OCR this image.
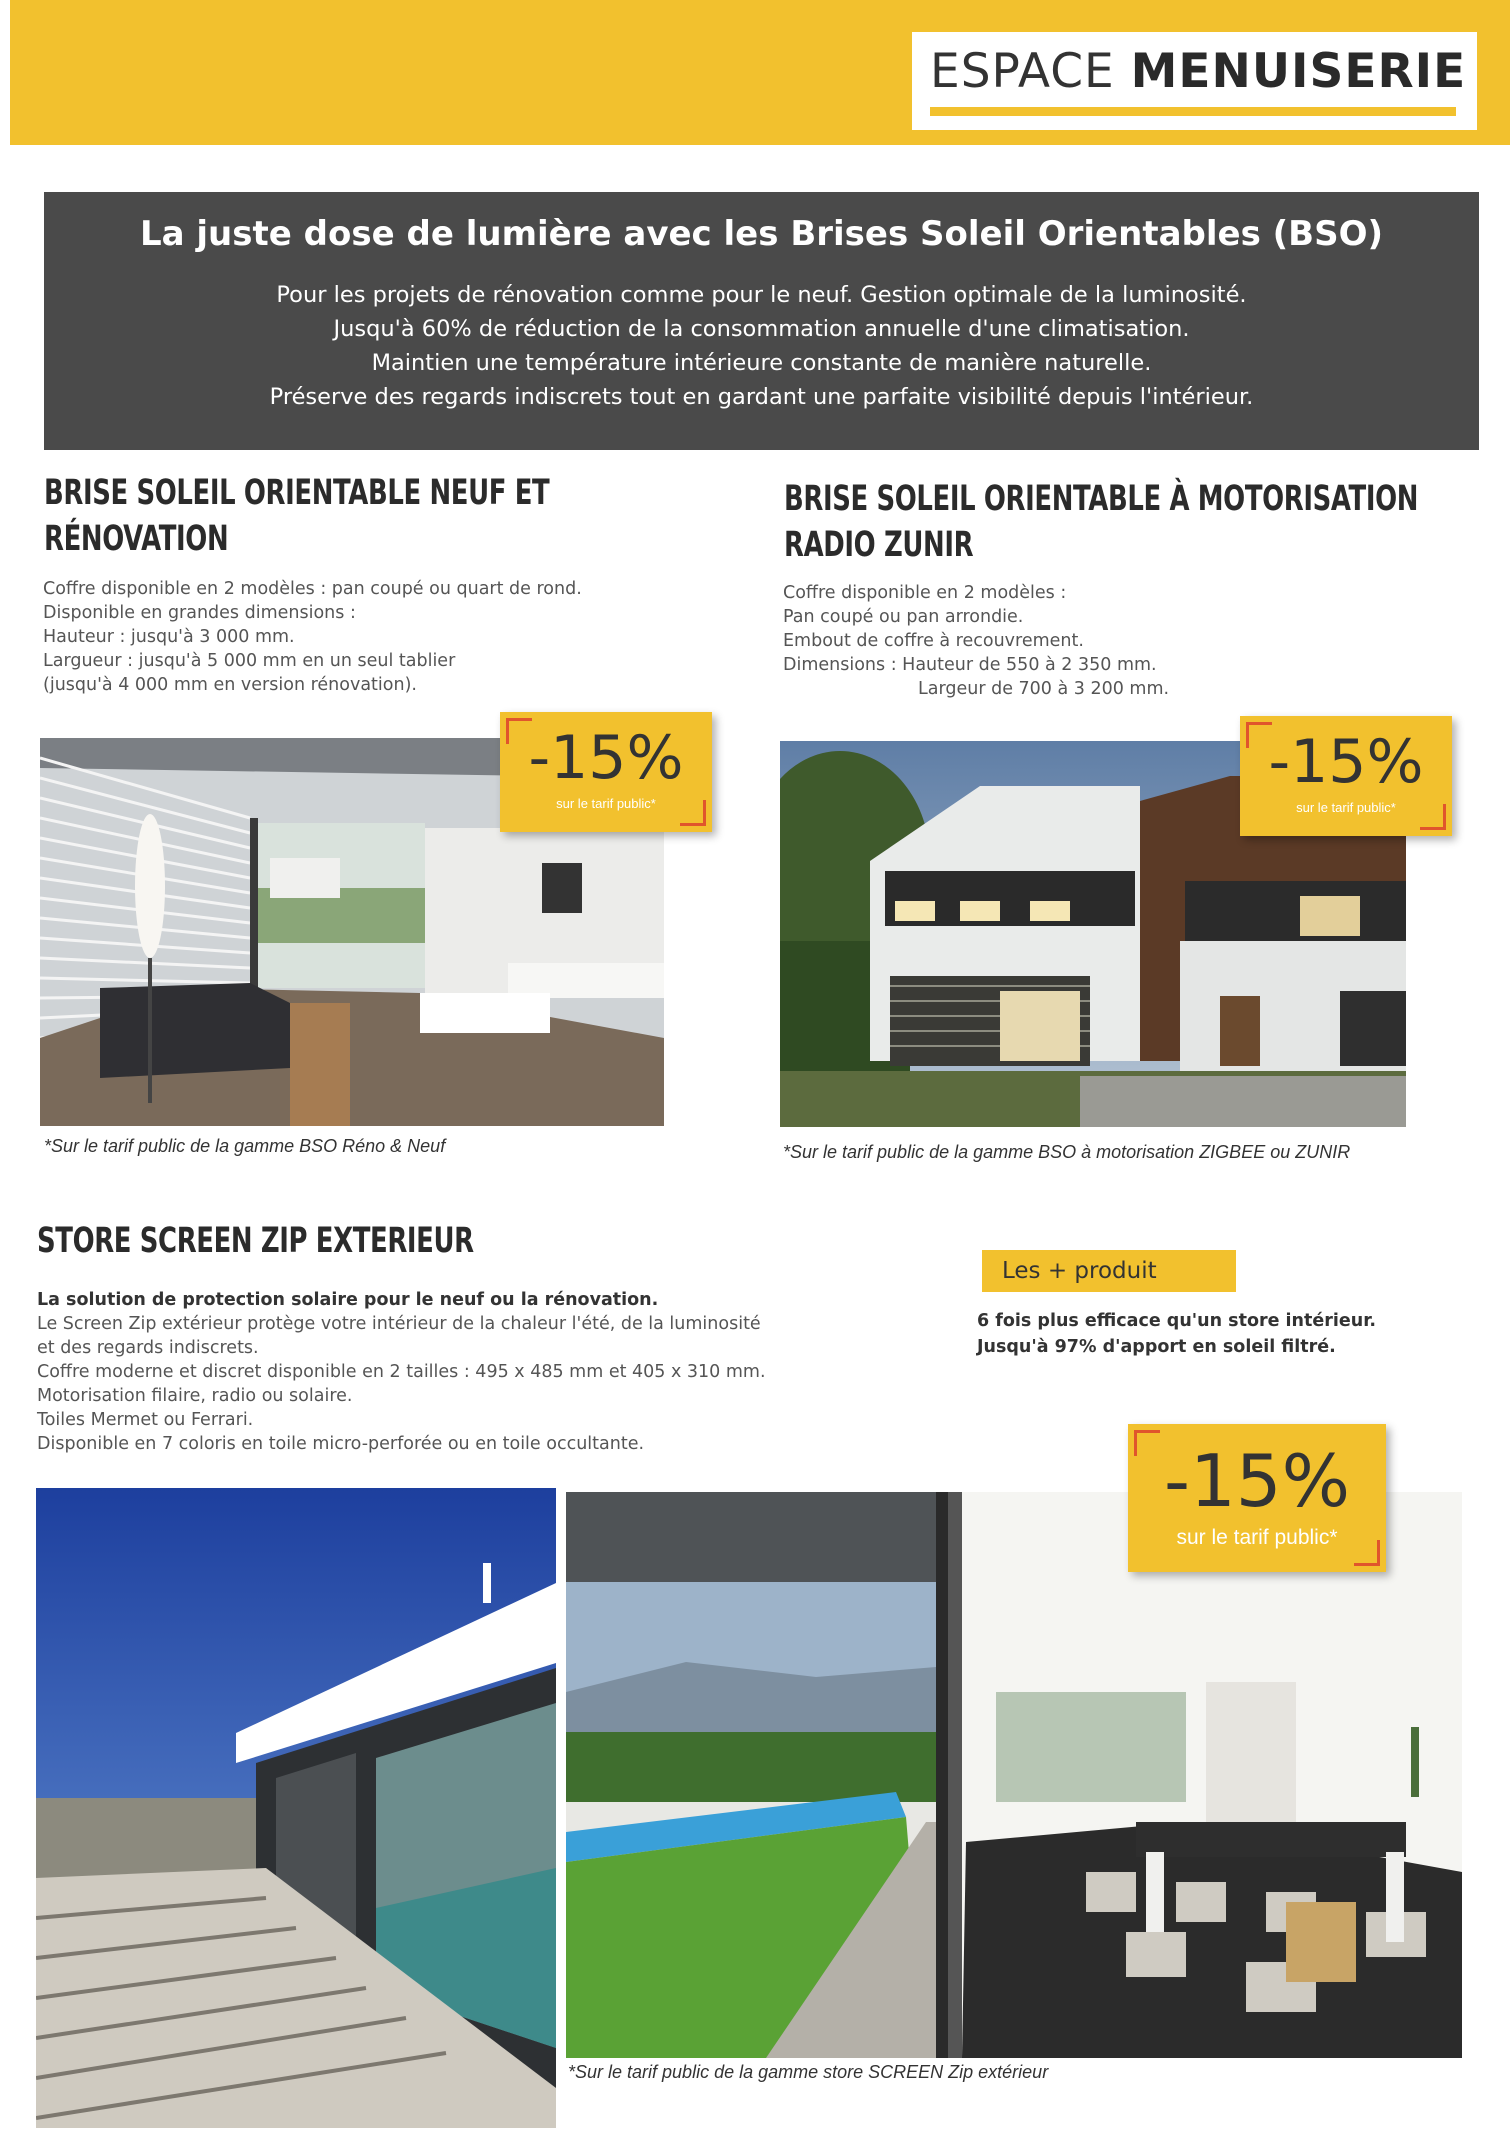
ESPACE MENUISERIE
La juste dose de lumière avec les Brises Soleil Orientables (BSO)
Pour les projets de rénovation comme pour le neuf. Gestion optimale de la luminosité.
Jusqu'à 60% de réduction de la consommation annuelle d'une climatisation.
Maintien une température intérieure constante de manière naturelle.
Préserve des regards indiscrets tout en gardant une parfaite visibilité depuis l'intérieur.
BRISE SOLEIL ORIENTABLE NEUF ET
RÉNOVATION
Coffre disponible en 2 modèles : pan coupé ou quart de rond.
Disponible en grandes dimensions :
Hauteur : jusqu'à 3 000 mm.
Largueur : jusqu'à 5 000 mm en un seul tablier
(jusqu'à 4 000 mm en version rénovation).
-15%
sur le tarif public*
*Sur le tarif public de la gamme BSO Réno & Neuf
BRISE SOLEIL ORIENTABLE À MOTORISATION
RADIO ZUNIR
Coffre disponible en 2 modèles :
Pan coupé ou pan arrondie.
Embout de coffre à recouvrement.
Dimensions : Hauteur de 550 à 2 350 mm.
Largeur de 700 à 3 200 mm.
-15%
sur le tarif public*
*Sur le tarif public de la gamme BSO à motorisation ZIGBEE ou ZUNIR
STORE SCREEN ZIP EXTERIEUR
La solution de protection solaire pour le neuf ou la rénovation.
Le Screen Zip extérieur protège votre intérieur de la chaleur l'été, de la luminosité
et des regards indiscrets.
Coffre moderne et discret disponible en 2 tailles : 495 x 485 mm et 405 x 310 mm.
Motorisation filaire, radio ou solaire.
Toiles Mermet ou Ferrari.
Disponible en 7 coloris en toile micro-perforée ou en toile occultante.
Les + produit
6 fois plus efficace qu'un store intérieur.
Jusqu'à 97% d'apport en soleil filtré.
-15%
sur le tarif public*
*Sur le tarif public de la gamme store SCREEN Zip extérieur
